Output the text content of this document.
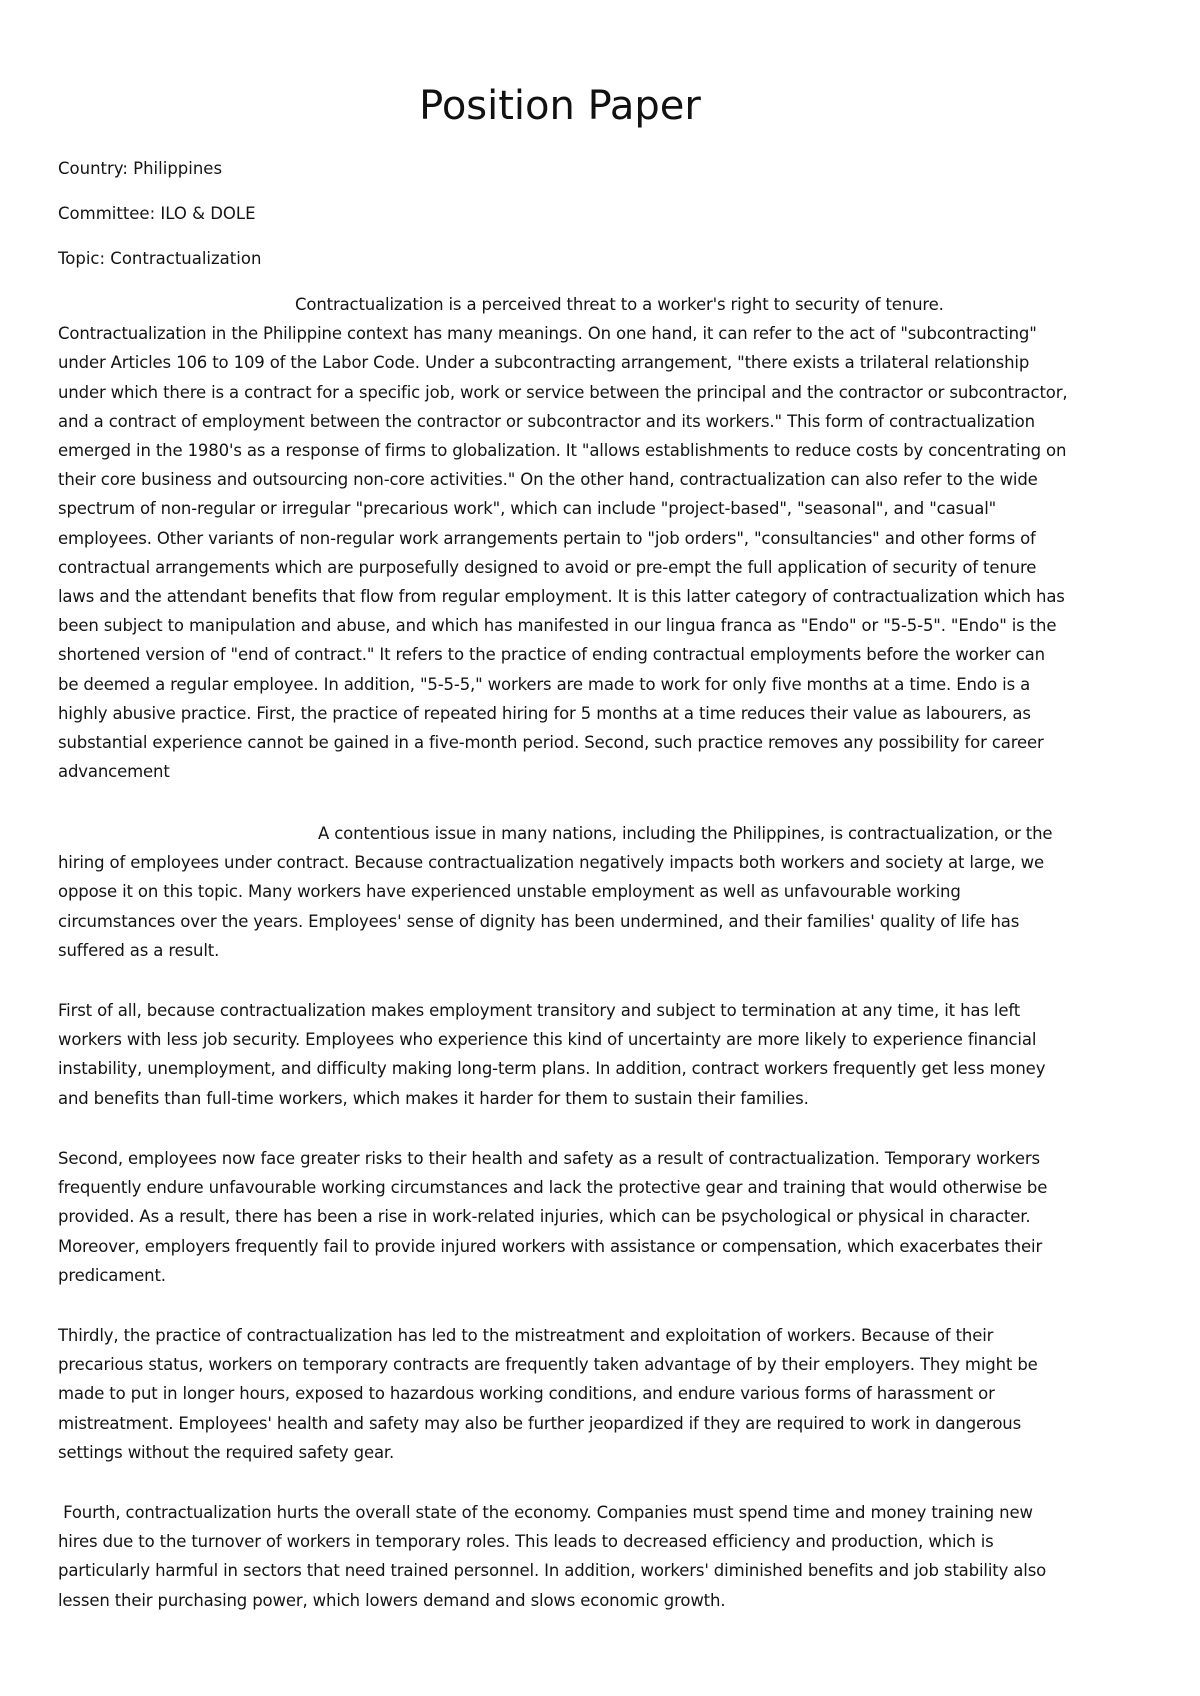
Position Paper

Country: Philippines

Committee: ILO & DOLE

Topic: Contractualization

Contractualization is a perceived threat to a worker's right to security of tenure.
Contractualization in the Philippine context has many meanings. On one hand, it can refer to the act of "subcontracting"
under Articles 106 to 109 of the Labor Code. Under a subcontracting arrangement, "there exists a trilateral relationship
under which there is a contract for a specific job, work or service between the principal and the contractor or subcontractor,
and a contract of employment between the contractor or subcontractor and its workers." This form of contractualization
emerged in the 1980's as a response of firms to globalization. It "allows establishments to reduce costs by concentrating on
their core business and outsourcing non-core activities." On the other hand, contractualization can also refer to the wide
spectrum of non-regular or irregular "precarious work", which can include "project-based", "seasonal", and "casual"
employees. Other variants of non-regular work arrangements pertain to "job orders", "consultancies" and other forms of
contractual arrangements which are purposefully designed to avoid or pre-empt the full application of security of tenure
laws and the attendant benefits that flow from regular employment. It is this latter category of contractualization which has
been subject to manipulation and abuse, and which has manifested in our lingua franca as "Endo" or "5-5-5". "Endo" is the
shortened version of "end of contract." It refers to the practice of ending contractual employments before the worker can
be deemed a regular employee. In addition, "5-5-5," workers are made to work for only five months at a time. Endo is a
highly abusive practice. First, the practice of repeated hiring for 5 months at a time reduces their value as labourers, as
substantial experience cannot be gained in a five-month period. Second, such practice removes any possibility for career
advancement
A contentious issue in many nations, including the Philippines, is contractualization, or the
hiring of employees under contract. Because contractualization negatively impacts both workers and society at large, we
oppose it on this topic. Many workers have experienced unstable employment as well as unfavourable working
circumstances over the years. Employees' sense of dignity has been undermined, and their families' quality of life has
suffered as a result.
First of all, because contractualization makes employment transitory and subject to termination at any time, it has left
workers with less job security. Employees who experience this kind of uncertainty are more likely to experience financial
instability, unemployment, and difficulty making long-term plans. In addition, contract workers frequently get less money
and benefits than full-time workers, which makes it harder for them to sustain their families.
Second, employees now face greater risks to their health and safety as a result of contractualization. Temporary workers
frequently endure unfavourable working circumstances and lack the protective gear and training that would otherwise be
provided. As a result, there has been a rise in work-related injuries, which can be psychological or physical in character.
Moreover, employers frequently fail to provide injured workers with assistance or compensation, which exacerbates their
predicament.
Thirdly, the practice of contractualization has led to the mistreatment and exploitation of workers. Because of their
precarious status, workers on temporary contracts are frequently taken advantage of by their employers. They might be
made to put in longer hours, exposed to hazardous working conditions, and endure various forms of harassment or
mistreatment. Employees' health and safety may also be further jeopardized if they are required to work in dangerous
settings without the required safety gear.
Fourth, contractualization hurts the overall state of the economy. Companies must spend time and money training new
hires due to the turnover of workers in temporary roles. This leads to decreased efficiency and production, which is
particularly harmful in sectors that need trained personnel. In addition, workers' diminished benefits and job stability also
lessen their purchasing power, which lowers demand and slows economic growth.
